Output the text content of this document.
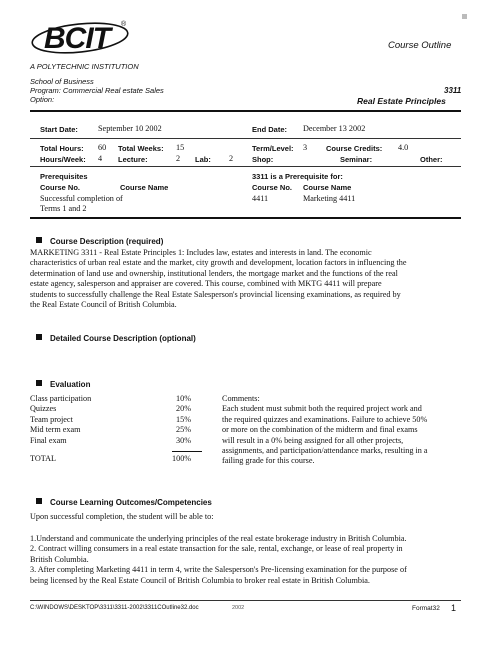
BCIT ®
A POLYTECHNIC INSTITUTION
Course Outline
School of Business
Program: Commercial Real estate Sales
Option:
3311
Real Estate Principles
Start Date: September 10 2002	End Date: December 13 2002
Total Hours: 60 Total Weeks: 15	Term/Level: 3	Course Credits: 4.0
Hours/Week: 4 Lecture:	2 Lab: 2	Shop:	Seminar:	Other:
Prerequisites
Course No.	Course Name
Successful completion of
Terms 1 and 2
3311 is a Prerequisite for:
Course No. Course Name
4411	Marketing 4411
Course Description (required)
MARKETING 3311 - Real Estate Principles 1: Includes law, estates and interests in land. The economic
characteristics of urban real estate and the market, city growth and development, location factors in influencing the
determination of land use and ownership, institutional lenders, the mortgage market and the functions of the real
estate agency, salesperson and appraiser are covered. This course, combined with MKTG 4411 will prepare
students to successfully challenge the Real Estate Salesperson's provincial licensing examinations, as required by
the Real Estate Council of British Columbia.
Detailed Course Description (optional)
Evaluation
Class participation	10%
Quizzes	20%
Team project	15%
Mid term exam	25%
Final exam	30%
TOTAL	100%
Comments:
Each student must submit both the required project work and
the required quizzes and examinations. Failure to achieve 50%
or more on the combination of the midterm and final exams
will result in a 0% being assigned for all other projects,
assignments, and participation/attendance marks, resulting in a
failing grade for this course.
Course Learning Outcomes/Competencies
Upon successful completion, the student will be able to:
1.Understand and communicate the underlying principles of the real estate brokerage industry in British Columbia.
2. Contract willing consumers in a real estate transaction for the sale, rental, exchange, or lease of real property in
British Columbia.
3. After completing Marketing 4411 in term 4, write the Salesperson's Pre-licensing examination for the purpose of
being licensed by the Real Estate Council of British Columbia to broker real estate in British Columbia.
C:\WINDOWS\DESKTOP\3311\3311-2002\3311COutline32.doc	2002	Format32 1
